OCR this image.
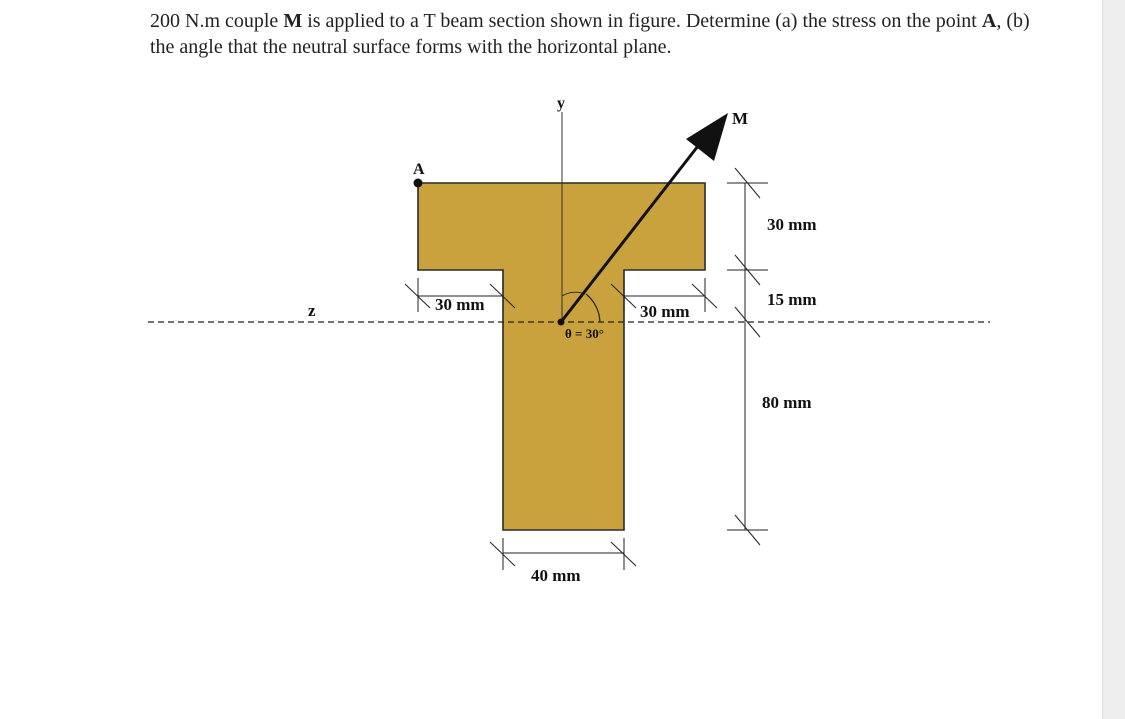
200 N.m couple M is applied to a T beam section shown in figure. Determine (a) the stress on the point A, (b) the angle that the neutral surface forms with the horizontal plane.

y
z
A
M
θ = 30°
30 mm
15 mm
80 mm
30 mm	30 mm
40 mm
